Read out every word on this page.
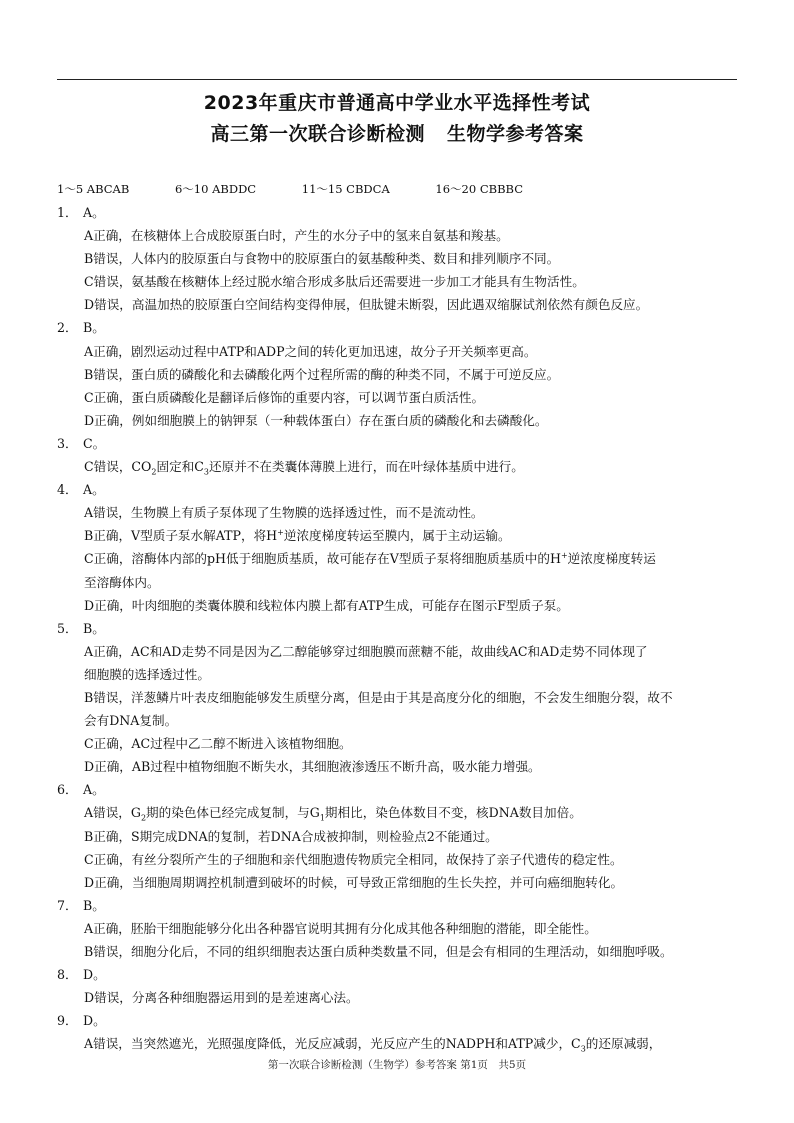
2023年重庆市普通高中学业水平选择性考试
高三第一次联合诊断检测 生物学参考答案
1～5 ABCAB	6～10 ABDDC	11～15 CBDCA	16～20 CBBBC
1． A。
A正确，在核糖体上合成胶原蛋白时，产生的水分子中的氢来自氨基和羧基。
B错误，人体内的胶原蛋白与食物中的胶原蛋白的氨基酸种类、数目和排列顺序不同。
C错误，氨基酸在核糖体上经过脱水缩合形成多肽后还需要进一步加工才能具有生物活性。
D错误，高温加热的胶原蛋白空间结构变得伸展，但肽键未断裂，因此遇双缩脲试剂依然有颜色反应。
2． B。
A正确，剧烈运动过程中ATP和ADP之间的转化更加迅速，故分子开关频率更高。
B错误，蛋白质的磷酸化和去磷酸化两个过程所需的酶的种类不同，不属于可逆反应。
C正确，蛋白质磷酸化是翻译后修饰的重要内容，可以调节蛋白质活性。
D正确，例如细胞膜上的钠钾泵（一种载体蛋白）存在蛋白质的磷酸化和去磷酸化。
3． C。
C错误，$CO_2$固定和$C_3$还原并不在类囊体薄膜上进行，而在叶绿体基质中进行。
4． A。
A错误，生物膜上有质子泵体现了生物膜的选择透过性，而不是流动性。
B正确，V型质子泵水解ATP，将H+逆浓度梯度转运至膜内，属于主动运输。
C正确，溶酶体内部的pH低于细胞质基质，故可能存在V型质子泵将细胞质基质中的H+逆浓度梯度转运
至溶酶体内。
D正确，叶肉细胞的类囊体膜和线粒体内膜上都有ATP生成，可能存在图示F型质子泵。
5． B。
A正确，AC和AD走势不同是因为乙二醇能够穿过细胞膜而蔗糖不能，故曲线AC和AD走势不同体现了
细胞膜的选择透过性。
B错误，洋葱鳞片叶表皮细胞能够发生质壁分离，但是由于其是高度分化的细胞，不会发生细胞分裂，故不
会有DNA复制。
C正确，AC过程中乙二醇不断进入该植物细胞。
D正确，AB过程中植物细胞不断失水，其细胞液渗透压不断升高，吸水能力增强。
6． A。
A错误，$G_2$期的染色体已经完成复制，与$G_1$期相比，染色体数目不变，核DNA数目加倍。
B正确，S期完成DNA的复制，若DNA合成被抑制，则检验点2不能通过。
C正确，有丝分裂所产生的子细胞和亲代细胞遗传物质完全相同，故保持了亲子代遗传的稳定性。
D正确，当细胞周期调控机制遭到破坏的时候，可导致正常细胞的生长失控，并可向癌细胞转化。
7． B。
A正确，胚胎干细胞能够分化出各种器官说明其拥有分化成其他各种细胞的潜能，即全能性。
B错误，细胞分化后，不同的组织细胞表达蛋白质种类数量不同，但是会有相同的生理活动，如细胞呼吸。
8． D。
D错误，分离各种细胞器运用到的是差速离心法。
9． D。
A错误，当突然遮光，光照强度降低，光反应减弱，光反应产生的NADPH和ATP减少，$C_3$的还原减弱，
第一次联合诊断检测（生物学）参考答案 第1页　共5页
